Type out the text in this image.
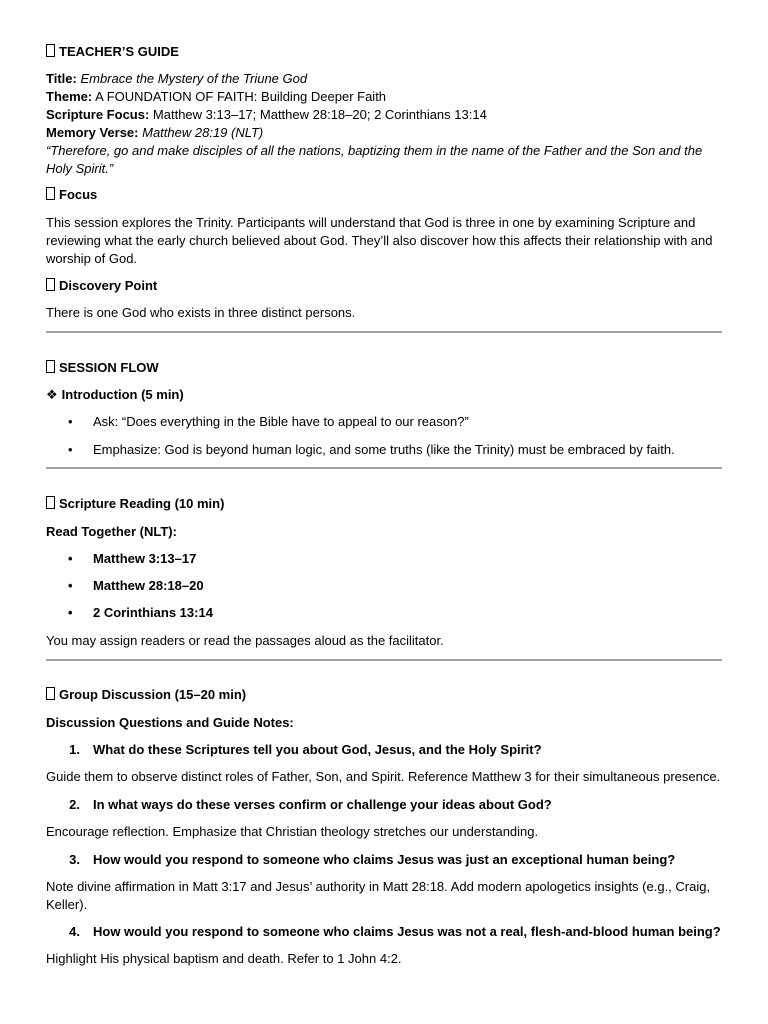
TEACHER’S GUIDE

Title: Embrace the Mystery of the Triune God

Theme: A FOUNDATION OF FAITH: Building Deeper Faith

Scripture Focus: Matthew 3:13–17; Matthew 28:18–20; 2 Corinthians 13:14

Memory Verse: Matthew 28:19 (NLT)

“Therefore, go and make disciples of all the nations, baptizing them in the name of the Father and the Son and the

Holy Spirit.”

Focus

This session explores the Trinity. Participants will understand that God is three in one by examining Scripture and

reviewing what the early church believed about God. They’ll also discover how this affects their relationship with and

worship of God.

Discovery Point

There is one God who exists in three distinct persons.

SESSION FLOW

❖ Introduction (5 min)

• Ask: “Does everything in the Bible have to appeal to our reason?”
• Emphasize: God is beyond human logic, and some truths (like the Trinity) must be embraced by faith.

Scripture Reading (10 min)

Read Together (NLT):

• Matthew 3:13–17
• Matthew 28:18–20
• 2 Corinthians 13:14

You may assign readers or read the passages aloud as the facilitator.

Group Discussion (15–20 min)

Discussion Questions and Guide Notes:

1. What do these Scriptures tell you about God, Jesus, and the Holy Spirit?

Guide them to observe distinct roles of Father, Son, and Spirit. Reference Matthew 3 for their simultaneous presence.

2. In what ways do these verses confirm or challenge your ideas about God?

Encourage reflection. Emphasize that Christian theology stretches our understanding.

3. How would you respond to someone who claims Jesus was just an exceptional human being?

Note divine affirmation in Matt 3:17 and Jesus’ authority in Matt 28:18. Add modern apologetics insights (e.g., Craig,

Keller).

4. How would you respond to someone who claims Jesus was not a real, flesh-and-blood human being?

Highlight His physical baptism and death. Refer to 1 John 4:2.
